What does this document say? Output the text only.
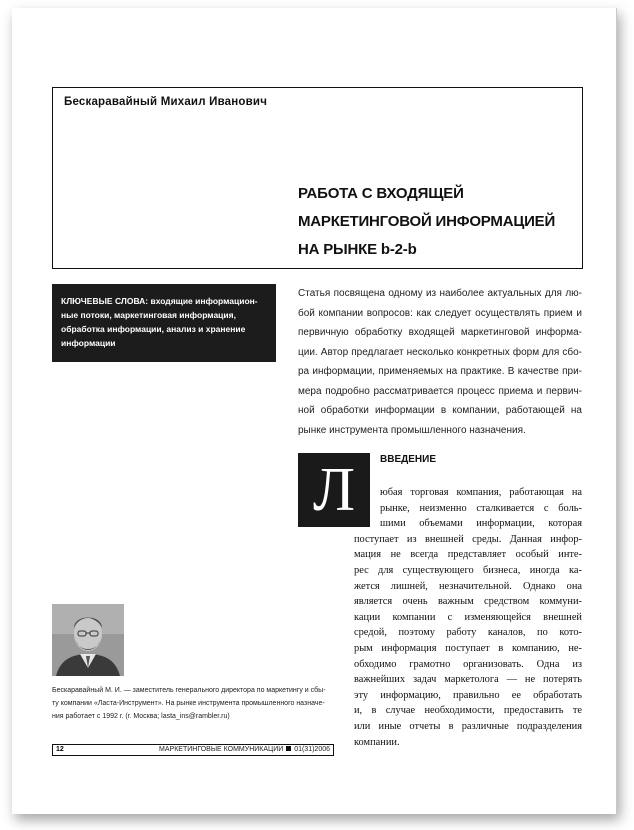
Бескаравайный Михаил Иванович
РАБОТА С ВХОДЯЩЕЙ
МАРКЕТИНГОВОЙ ИНФОРМАЦИЕЙ
НА РЫНКЕ b-2-b
КЛЮЧЕВЫЕ СЛОВА: входящие информацион-
ные потоки, маркетинговая информация,
обработка информации, анализ и хранение
информации
Статья посвящена одному из наиболее актуальных для лю-
бой компании вопросов: как следует осуществлять прием и
первичную обработку входящей маркетинговой информа-
ции. Автор предлагает несколько конкретных форм для сбо-
ра информации, применяемых на практике. В качестве при-
мера подробно рассматривается процесс приема и первич-
ной обработки информации в компании, работающей на
рынке инструмента промышленного назначения.
Л	ВВЕДЕНИЕ
юбая торговая компания, работающая на
рынке, неизменно сталкивается с боль-
шими объемами информации, которая
поступает из внешней среды. Данная инфор-
мация не всегда представляет особый инте-
рес для существующего бизнеса, иногда ка-
жется лишней, незначительной. Однако она
является очень важным средством коммуни-
кации компании с изменяющейся внешней
средой, поэтому работу каналов, по кото-
рым информация поступает в компанию, не-
обходимо грамотно организовать. Одна из
важнейших задач маркетолога — не потерять
эту информацию, правильно ее обработать
и, в случае необходимости, предоставить те
или иные отчеты в различные подразделения
компании.
Бескаравайный М. И. — заместитель генерального директора по маркетингу и сбы-
ту компании «Ласта-Инструмент». На рынке инструмента промышленного назначе-
ния работает с 1992 г. (г. Москва; lasta_ins@rambler.ru)
12	МАРКЕТИНГОВЫЕ КОММУНИКАЦИИ 01(31)2006
